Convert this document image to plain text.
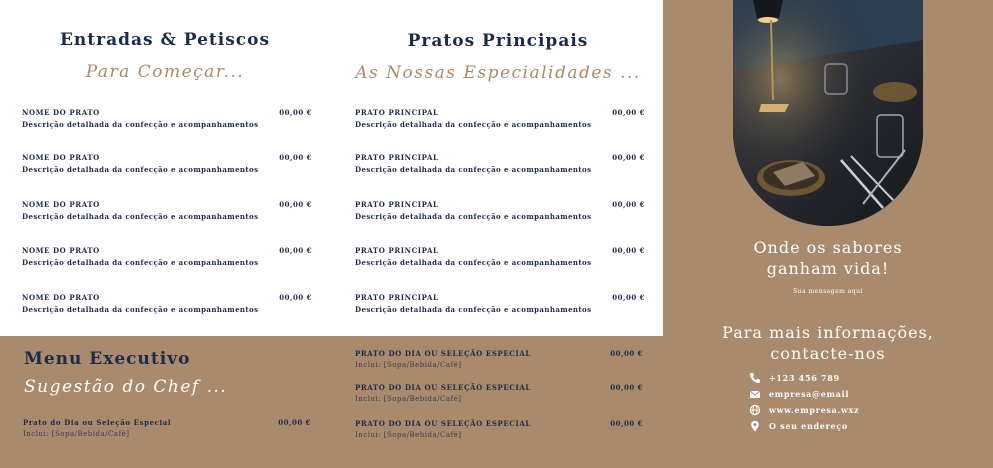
Entradas & Petiscos
Para Começar...
NOME DO PRATO
Descrição detalhada da confecção e acompanhamentos
00,00 €
NOME DO PRATO
Descrição detalhada da confecção e acompanhamentos
00,00 €
NOME DO PRATO
Descrição detalhada da confecção e acompanhamentos
00,00 €
NOME DO PRATO
Descrição detalhada da confecção e acompanhamentos
00,00 €
NOME DO PRATO
Descrição detalhada da confecção e acompanhamentos
00,00 €
Pratos Principais
As Nossas Especialidades ...
PRATO PRINCIPAL
Descrição detalhada da confecção e acompanhamentos
00,00 €
PRATO PRINCIPAL
Descrição detalhada da confecção e acompanhamentos
00,00 €
PRATO PRINCIPAL
Descrição detalhada da confecção e acompanhamentos
00,00 €
PRATO PRINCIPAL
Descrição detalhada da confecção e acompanhamentos
00,00 €
PRATO PRINCIPAL
Descrição detalhada da confecção e acompanhamentos
00,00 €
Menu Executivo
Sugestão do Chef ...
Prato do Dia ou Seleção Especial
Inclui: [Sopa/Bebida/Café]
00,00 €
PRATO DO DIA OU SELEÇÃO ESPECIAL
Inclui: [Sopa/Bebida/Café]
00,00 €
PRATO DO DIA OU SELEÇÃO ESPECIAL
Inclui: [Sopa/Bebida/Café]
00,00 €
PRATO DO DIA OU SELEÇÃO ESPECIAL
Inclui: [Sopa/Bebida/Café]
00,00 €
Onde os sabores
ganham vida!
Sua mensagem aqui
Para mais informações,
contacte-nos
+123 456 789
empresa@email
www.empresa.wxz
O seu endereço
